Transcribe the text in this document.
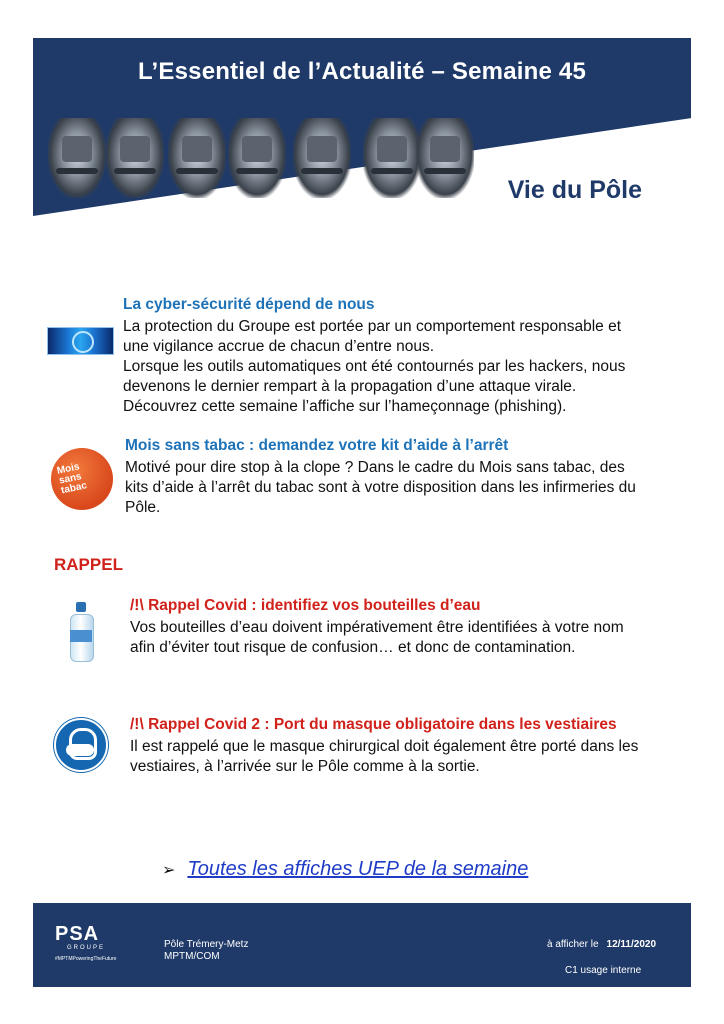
L’Essentiel de l’Actualité – Semaine 45
Vie du Pôle
La cyber-sécurité dépend de nous
La protection du Groupe est portée par un comportement responsable et
une vigilance accrue de chacun d’entre nous.
Lorsque les outils automatiques ont été contournés par les hackers, nous
devenons le dernier rempart à la propagation d’une attaque virale.
Découvrez cette semaine l’affiche sur l’hameçonnage (phishing).
Mois
sans
tabac
Mois sans tabac : demandez votre kit d’aide à l’arrêt
Motivé pour dire stop à la clope ? Dans le cadre du Mois sans tabac, des
kits d’aide à l’arrêt du tabac sont à votre disposition dans les infirmeries du
Pôle.
RAPPEL
/!\ Rappel Covid : identifiez vos bouteilles d’eau
Vos bouteilles d’eau doivent impérativement être identifiées à votre nom
afin d’éviter tout risque de confusion… et donc de contamination.
/!\ Rappel Covid 2 : Port du masque obligatoire dans les vestiaires
Il est rappelé que le masque chirurgical doit également être porté dans les
vestiaires, à l’arrivée sur le Pôle comme à la sortie.
➢ Toutes les affiches UEP de la semaine
PSA
GROUPE
#MPTMPoweringTheFuture
Pôle Trémery-Metz
MPTM/COM
à afficher le 12/11/2020
C1 usage interne
